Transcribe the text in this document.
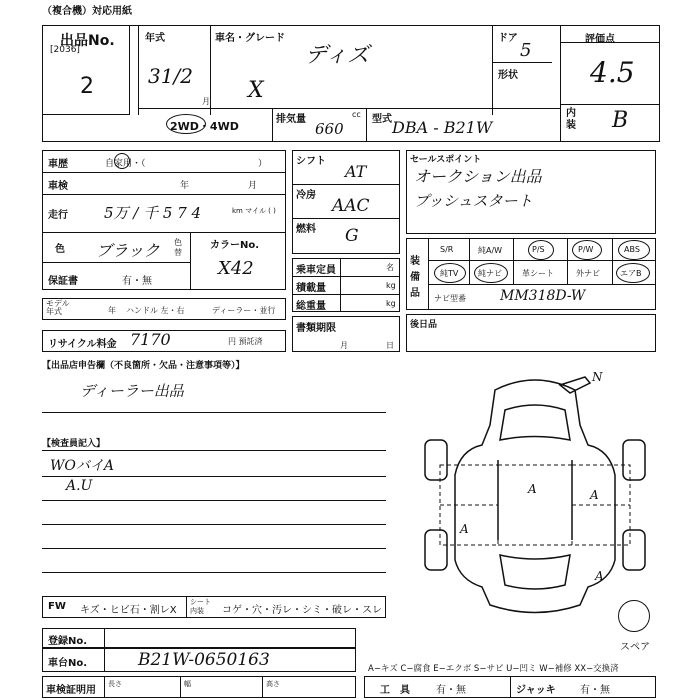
（複合機）対応用紙
出品No.
[2036]
2
年式
31/2
月
車名・グレード
ディズ
X
ドア
5
形状
評価点
4.5
内装 B
2WD・4WD
排気量	cc
660
型式 DBA - B21W
車歴	自家用・（	）
車検	年	月
走行 5万 / 千 5 7 4	km マイル ( )
色 ブラック 色替
カラーNo.
X42
保証書	有・無
モデル年式	年 ハンドル 左・右	ディーラー・並行
リサイクル料金 7170	円 預託済
シフト
AT
冷房
AAC
燃料 G
乗車定員	名
積載量	kg
総重量	kg
書類期限
月	日
セールスポイント
オークション出品
プッシュスタート
装備品
S/R	純A/W	P/S	P/W	ABS
純TV 純ナビ	革シート	外ナビ	エアB
ナビ型番 MM318D-W
後日品
【出品店申告欄（不良箇所・欠品・注意事項等）】
ディーラー出品
【検査員記入】
WOバイA
A.U	A
A
A
A
N
スペア
FW キズ・ヒビ石・割レX
シート内装	コゲ・穴・汚レ・シミ・破レ・スレ
登録No.
車台No.	B21W-0650163	A−キズ C−腐食 E−エクボ S−サビ U−凹ミ W−補修 XX−交換済
車検証明用
長さ	幅	高さ
工具 有・無	ジャッキ 有・無
